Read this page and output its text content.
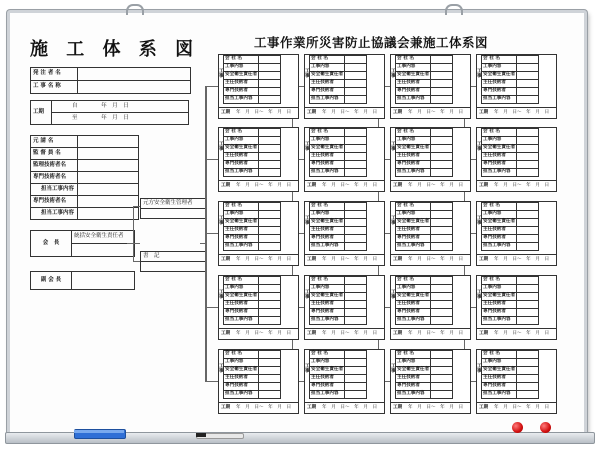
施 工 体 系 図	工事作業所災害防止協議会兼施工体系図
発 注 者 名	
工 事 名 称	
工期	自	年　月　日
至	年　月　日
元 請 名	
監 督 員 名	
監理技術者名	
専門技術者名	
担当工事内容	
専門技術者名	
担当工事内容	
会　長	統括安全衛生責任者

副 会 長	
元方安全衛生管理者

書　記

会 社 名	
工事内容	
安全衛生責任者	
主任技術者	
専門技術者	
担当工事内容	
工事
工期 年　月　日〜　年　月　日
会 社 名	
工事内容	
安全衛生責任者	
主任技術者	
専門技術者	
担当工事内容	
工事
工期 年　月　日〜　年　月　日
会 社 名	
工事内容	
安全衛生責任者	
主任技術者	
専門技術者	
担当工事内容	
工事
工期 年　月　日〜　年　月　日
会 社 名	
工事内容	
安全衛生責任者	
主任技術者	
専門技術者	
担当工事内容	
工事
工期 年　月　日〜　年　月　日
会 社 名	
工事内容	
安全衛生責任者	
主任技術者	
専門技術者	
担当工事内容	
工事
工期 年　月　日〜　年　月　日
会 社 名	
工事内容	
安全衛生責任者	
主任技術者	
専門技術者	
担当工事内容	
工事
工期 年　月　日〜　年　月　日
会 社 名	
工事内容	
安全衛生責任者	
主任技術者	
専門技術者	
担当工事内容	
工事
工期 年　月　日〜　年　月　日
会 社 名	
工事内容	
安全衛生責任者	
主任技術者	
専門技術者	
担当工事内容	
工事
工期 年　月　日〜　年　月　日
会 社 名	
工事内容	
安全衛生責任者	
主任技術者	
専門技術者	
担当工事内容	
工事
工期 年　月　日〜　年　月　日
会 社 名	
工事内容	
安全衛生責任者	
主任技術者	
専門技術者	
担当工事内容	
工事
工期 年　月　日〜　年　月　日
会 社 名	
工事内容	
安全衛生責任者	
主任技術者	
専門技術者	
担当工事内容	
工事
工期 年　月　日〜　年　月　日
会 社 名	
工事内容	
安全衛生責任者	
主任技術者	
専門技術者	
担当工事内容	
工事
工期 年　月　日〜　年　月　日
会 社 名	
工事内容	
安全衛生責任者	
主任技術者	
専門技術者	
担当工事内容	
工事
工期 年　月　日〜　年　月　日
会 社 名	
工事内容	
安全衛生責任者	
主任技術者	
専門技術者	
担当工事内容	
工事
工期 年　月　日〜　年　月　日
会 社 名	
工事内容	
安全衛生責任者	
主任技術者	
専門技術者	
担当工事内容	
工事
工期 年　月　日〜　年　月　日
会 社 名	
工事内容	
安全衛生責任者	
主任技術者	
専門技術者	
担当工事内容	
工事
工期 年　月　日〜　年　月　日
会 社 名	
工事内容	
安全衛生責任者	
主任技術者	
専門技術者	
担当工事内容	
工事
工期 年　月　日〜　年　月　日
会 社 名	
工事内容	
安全衛生責任者	
主任技術者	
専門技術者	
担当工事内容	
工事
工期 年　月　日〜　年　月　日
会 社 名	
工事内容	
安全衛生責任者	
主任技術者	
専門技術者	
担当工事内容	
工事
工期 年　月　日〜　年　月　日
会 社 名	
工事内容	
安全衛生責任者	
主任技術者	
専門技術者	
担当工事内容	
工事
工期 年　月　日〜　年　月　日
